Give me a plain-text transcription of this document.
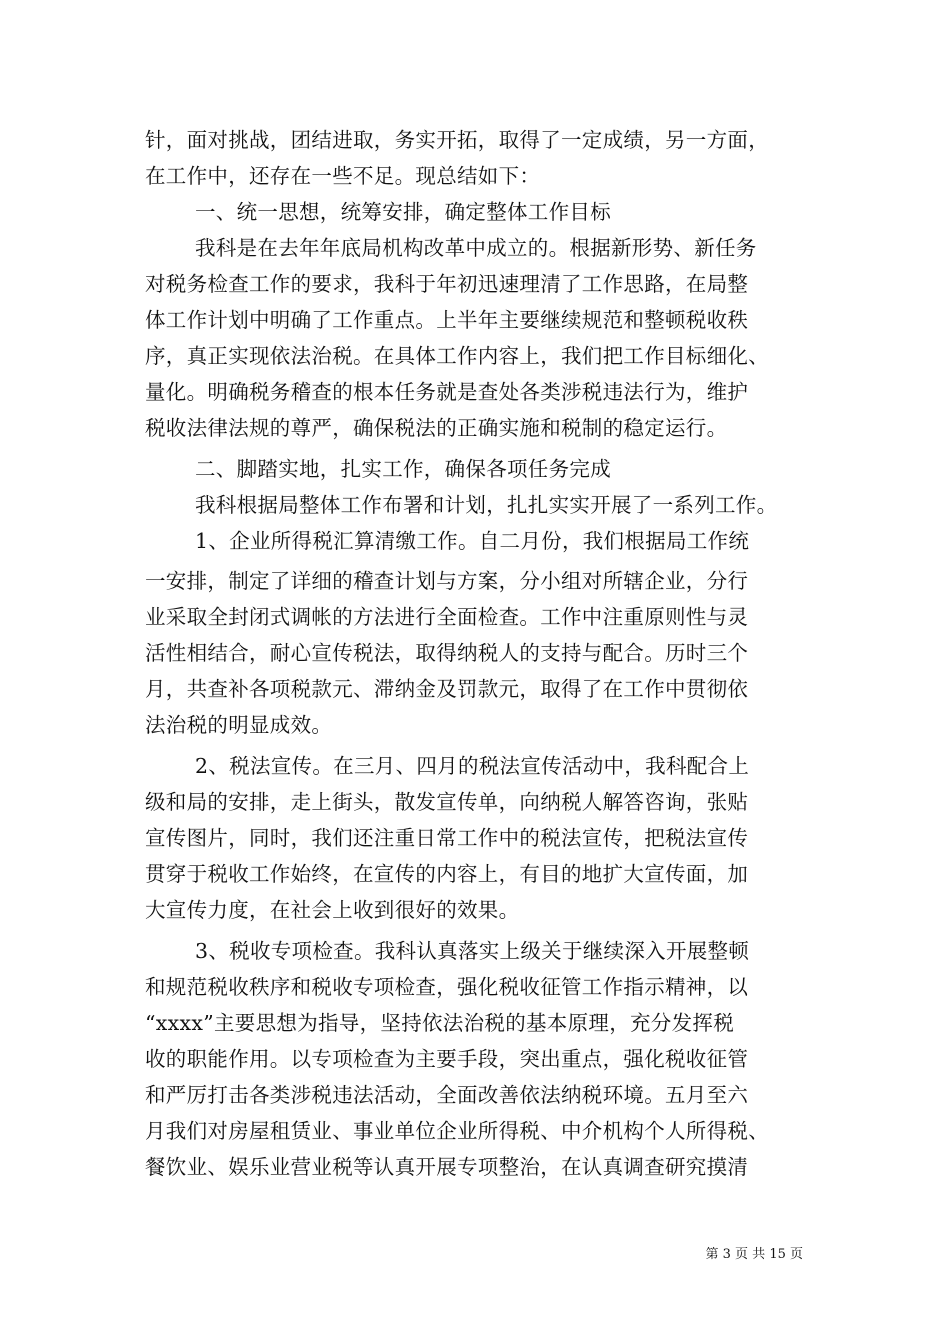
针，面对挑战，团结进取，务实开拓，取得了一定成绩，另一方面，
在工作中，还存在一些不足。现总结如下：
一、统一思想，统筹安排，确定整体工作目标
我科是在去年年底局机构改革中成立的。根据新形势、新任务
对税务检查工作的要求，我科于年初迅速理清了工作思路，在局整
体工作计划中明确了工作重点。上半年主要继续规范和整顿税收秩
序，真正实现依法治税。在具体工作内容上，我们把工作目标细化、
量化。明确税务稽查的根本任务就是查处各类涉税违法行为，维护
税收法律法规的尊严，确保税法的正确实施和税制的稳定运行。
二、脚踏实地，扎实工作，确保各项任务完成
我科根据局整体工作布署和计划，扎扎实实开展了一系列工作。
1、企业所得税汇算清缴工作。自二月份，我们根据局工作统
一安排，制定了详细的稽查计划与方案，分小组对所辖企业，分行
业采取全封闭式调帐的方法进行全面检查。工作中注重原则性与灵
活性相结合，耐心宣传税法，取得纳税人的支持与配合。历时三个
月，共查补各项税款元、滞纳金及罚款元，取得了在工作中贯彻依
法治税的明显成效。
2、税法宣传。在三月、四月的税法宣传活动中，我科配合上
级和局的安排，走上街头，散发宣传单，向纳税人解答咨询，张贴
宣传图片，同时，我们还注重日常工作中的税法宣传，把税法宣传
贯穿于税收工作始终，在宣传的内容上，有目的地扩大宣传面，加
大宣传力度，在社会上收到很好的效果。
3、税收专项检查。我科认真落实上级关于继续深入开展整顿
和规范税收秩序和税收专项检查，强化税收征管工作指示精神，以
“xxxx”主要思想为指导，坚持依法治税的基本原理，充分发挥税
收的职能作用。以专项检查为主要手段，突出重点，强化税收征管
和严厉打击各类涉税违法活动，全面改善依法纳税环境。五月至六
月我们对房屋租赁业、事业单位企业所得税、中介机构个人所得税、
餐饮业、娱乐业营业税等认真开展专项整治，在认真调查研究摸清
第 3 页 共 15 页
